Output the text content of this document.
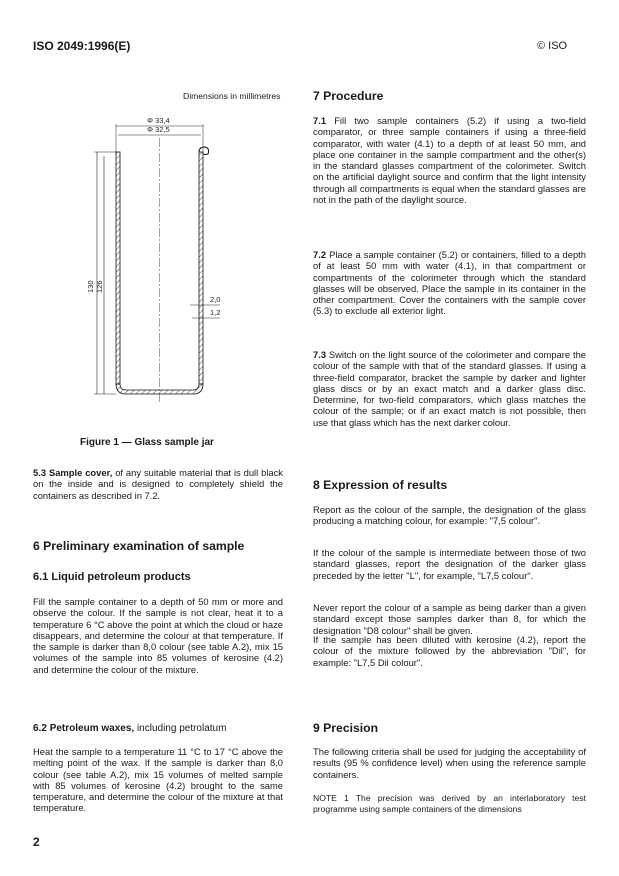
ISO 2049:1996(E)	© ISO
Dimensions in millimetres
Φ 33,4
Φ 32,5
130 126
2,0
1,2
Figure 1 — Glass sample jar
5.3 Sample cover, of any suitable material that is dull black on the inside and is designed to completely shield the containers as described in 7.2.
6 Preliminary examination of sample
6.1 Liquid petroleum products
Fill the sample container to a depth of 50 mm or more and observe the colour. If the sample is not clear, heat it to a temperature 6 °C above the point at which the cloud or haze disappears, and determine the colour at that temperature. If the sample is darker than 8,0 colour (see table A.2), mix 15 volumes of the sample into 85 volumes of kerosine (4.2) and determine the colour of the mixture.
6.2 Petroleum waxes, including petrolatum
Heat the sample to a temperature 11 °C to 17 °C above the melting point of the wax. If the sample is darker than 8,0 colour (see table A.2), mix 15 volumes of melted sample with 85 volumes of kerosine (4.2) brought to the same temperature, and determine the colour of the mixture at that temperature.
7 Procedure
7.1 Fill two sample containers (5.2) if using a two-field comparator, or three sample containers if using a three-field comparator, with water (4.1) to a depth of at least 50 mm, and place one container in the sample compartment and the other(s) in the standard glasses compartment of the colorimeter. Switch on the artificial daylight source and confirm that the light intensity through all compartments is equal when the standard glasses are not in the path of the daylight source.
7.2 Place a sample container (5.2) or containers, filled to a depth of at least 50 mm with water (4.1), in that compartment or compartments of the colorimeter through which the standard glasses will be observed. Place the sample in its container in the other compartment. Cover the containers with the sample cover (5.3) to exclude all exterior light.
7.3 Switch on the light source of the colorimeter and compare the colour of the sample with that of the standard glasses. If using a three-field comparator, bracket the sample by darker and lighter glass discs or by an exact match and a darker glass disc. Determine, for two-field comparators, which glass matches the colour of the sample; or if an exact match is not possible, then use that glass which has the next darker colour.
8 Expression of results
Report as the colour of the sample, the designation of the glass producing a matching colour, for example: "7,5 colour".
If the colour of the sample is intermediate between those of two standard glasses, report the designation of the darker glass preceded by the letter "L", for example, "L7,5 colour".
Never report the colour of a sample as being darker than a given standard except those samples darker than 8, for which the designation "D8 colour" shall be given.
If the sample has been diluted with kerosine (4.2), report the colour of the mixture followed by the abbreviation "Dil", for example: "L7,5 Dil colour".
9 Precision
The following criteria shall be used for judging the acceptability of results (95 % confidence level) when using the reference sample containers.
NOTE 1 The precision was derived by an interlaboratory test programme using sample containers of the dimensions
2
